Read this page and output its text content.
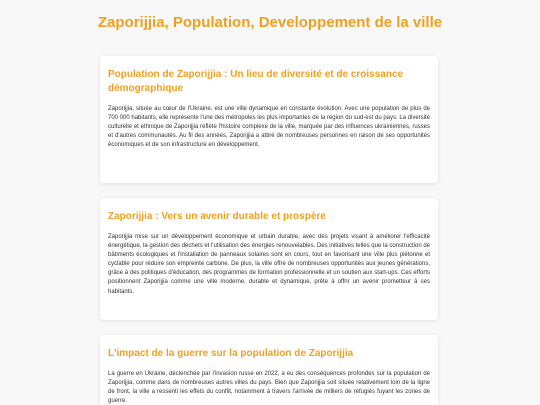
Zaporijjia, Population, Developpement de la ville
Population de Zaporijjia : Un lieu de diversité et de croissance démographique

Zaporijjia, située au cœur de l'Ukraine, est une ville dynamique en constante évolution. Avec une population de plus de 700 000 habitants, elle représente l'une des métropoles les plus importantes de la région du sud-est du pays. La diversité culturelle et ethnique de Zaporijjia reflète l'histoire complexe de la ville, marquée par des influences ukrainiennes, russes et d'autres communautés. Au fil des années, Zaporijjia a attiré de nombreuses personnes en raison de ses opportunités économiques et de son infrastructure en développement.

Zaporijjia : Vers un avenir durable et prospère

Zaporijjia mise sur un développement économique et urbain durable, avec des projets visant à améliorer l'efficacité énergétique, la gestion des déchets et l'utilisation des énergies renouvelables. Des initiatives telles que la construction de bâtiments écologiques et l'installation de panneaux solaires sont en cours, tout en favorisant une ville plus piétonne et cyclable pour réduire son empreinte carbone. De plus, la ville offre de nombreuses opportunités aux jeunes générations, grâce à des politiques d'éducation, des programmes de formation professionnelle et un soutien aux start-ups. Ces efforts positionnent Zaporijjia comme une ville moderne, durable et dynamique, prête à offrir un avenir prometteur à ses habitants.

L'impact de la guerre sur la population de Zaporijjia

La guerre en Ukraine, déclenchée par l'invasion russe en 2022, a eu des conséquences profondes sur la population de Zaporijjia, comme dans de nombreuses autres villes du pays. Bien que Zaporijjia soit située relativement loin de la ligne de front, la ville a ressenti les effets du conflit, notamment à travers l'arrivée de milliers de réfugiés fuyant les zones de guerre.
